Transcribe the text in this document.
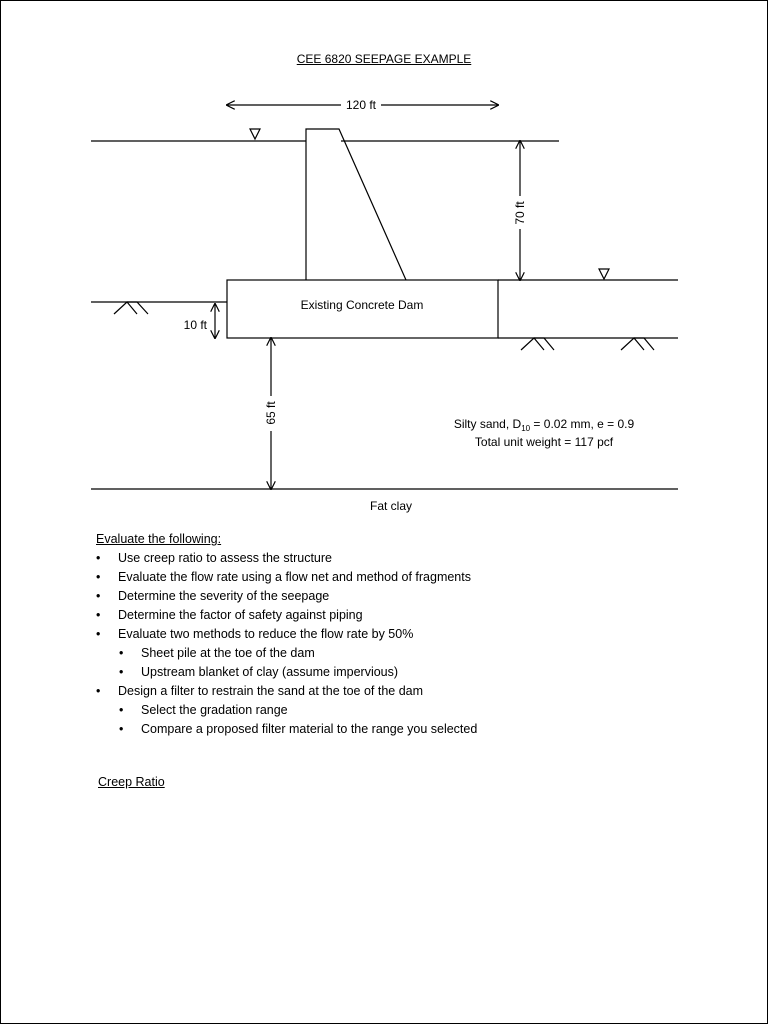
CEE 6820 SEEPAGE EXAMPLE
120 ft
70 ft
10 ft
65 ft
Existing Concrete Dam
Silty sand, $D_{10} = 0.02$ mm, e = 0.9
Total unit weight = 117 pcf
Fat clay
Evaluate the following:
• Use creep ratio to assess the structure
• Evaluate the flow rate using a flow net and method of fragments
• Determine the severity of the seepage
• Determine the factor of safety against piping
• Evaluate two methods to reduce the flow rate by 50%
• Sheet pile at the toe of the dam
• Upstream blanket of clay (assume impervious)
• Design a filter to restrain the sand at the toe of the dam
• Select the gradation range
• Compare a proposed filter material to the range you selected
Creep Ratio
